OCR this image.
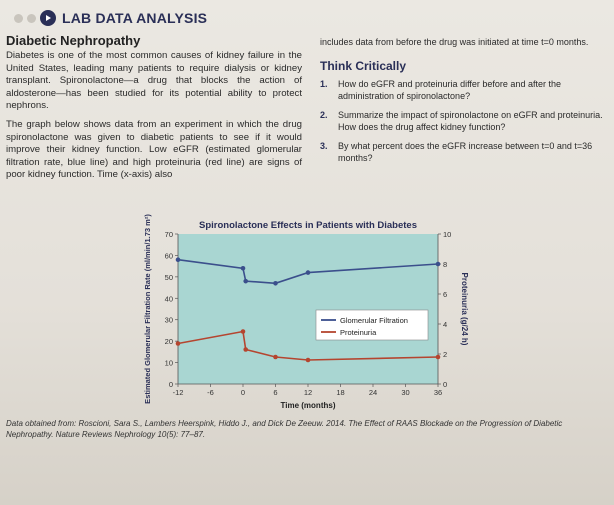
LAB DATA ANALYSIS
Diabetic Nephropathy

Diabetes is one of the most common causes of kidney failure in the United States, leading many patients to require dialysis or kidney transplant. Spironolactone—a drug that blocks the action of aldosterone—has been studied for its potential ability to protect nephrons.

The graph below shows data from an experiment in which the drug spironolactone was given to diabetic patients to see if it would improve their kidney function. Low eGFR (estimated glomerular filtration rate, blue line) and high proteinuria (red line) are signs of poor kidney function. Time (x-axis) also

includes data from before the drug was initiated at time t=0 months.

Think Critically
1.	How do eGFR and proteinuria differ before and after the administration of spironolactone?
2.	Summarize the impact of spironolactone on eGFR and proteinuria. How does the drug affect kidney function?
3.	By what percent does the eGFR increase between t=0 and t=36 months?
Spironolactone Effects in Patients with Diabetes
0
10
20
30
40
50
60
70
0
2
4
6
8
10
-12	-6	0	6	12	18	24	30	36
Time (months)
Estimated Glomerular Filtration Rate (ml/min/1.73 m²)	Proteinuria (g/24 h)
Glomerular Filtration
Proteinuria
Data obtained from: Roscioni, Sara S., Lambers Heerspink, Hiddo J., and Dick De Zeeuw. 2014. The Effect of RAAS Blockade on the Progression of Diabetic Nephropathy. Nature Reviews Nephrology 10(5): 77–87.
